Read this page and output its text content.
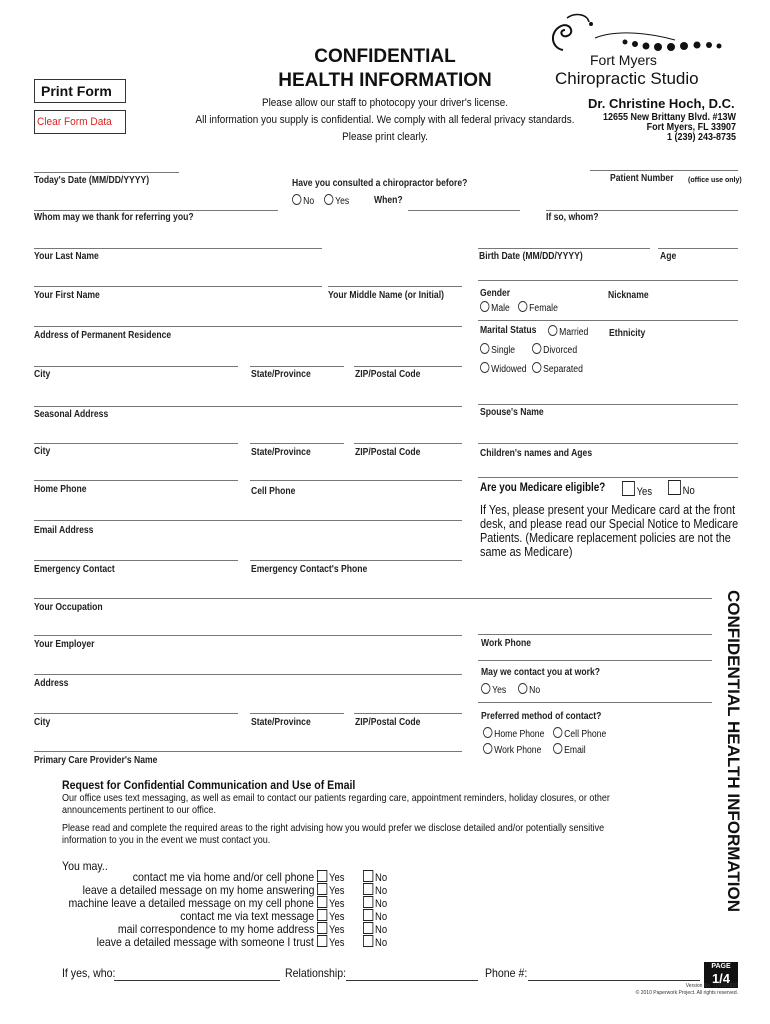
Print Form
Clear Form Data
CONFIDENTIAL
HEALTH INFORMATION
Please allow our staff to photocopy your driver's license.
All information you supply is confidential. We comply with all federal privacy standards.
Please print clearly.
Fort Myers
Chiropractic Studio
Dr. Christine Hoch, D.C.
12655 New Brittany Blvd. #13W
Fort Myers, FL 33907
1 (239) 243-8735
Today's Date (MM/DD/YYYY)	Have you consulted a chiropractor before?
No	Yes When?
Patient Number (office use only)
Whom may we thank for referring you?	If so, whom?
Your Last Name	Birth Date (MM/DD/YYYY)	Age
Your First Name	Your Middle Name (or Initial)	Gender
Male	Female
Nickname
Address of Permanent Residence	Marital Status	Married Ethnicity
Single	Divorced
Widowed	Separated
City	State/Province	ZIP/Postal Code
Seasonal Address	Spouse's Name
City	State/Province	ZIP/Postal Code	Children's names and Ages
Home Phone	Cell Phone	Are you Medicare eligible?	Yes	No
If Yes, please present your Medicare card at the front desk, and please read our Special Notice to Medicare Patients. (Medicare replacement policies are not the same as Medicare)
Email Address
Emergency Contact	Emergency Contact's Phone
Your Occupation
Your Employer	Work Phone
May we contact you at work?
Yes	No
Address
City	State/Province	ZIP/Postal Code
Preferred method of contact?
Home Phone	Cell Phone
Work Phone	Email
Primary Care Provider's Name
Request for Confidential Communication and Use of Email
Our office uses text messaging, as well as email to contact our patients regarding care, appointment reminders, holiday closures, or other announcements pertinent to our office.
Please read and complete the required areas to the right advising how you would prefer we disclose detailed and/or potentially sensitive information to you in the event we must contact you.
You may..
contact me via home and/or cell phone	Yes	No
leave a detailed message on my home answering	Yes	No
machine leave a detailed message on my cell phone	Yes	No
contact me via text message	Yes	No
mail correspondence to my home address	Yes	No
leave a detailed message with someone I trust	Yes	No
If yes, who:	Relationship:	Phone #:
CONFIDENTIAL HEALTH INFORMATION
PAGE
1/4
Version No. 105388920
© 2010 Paperwork Project. All rights reserved.
